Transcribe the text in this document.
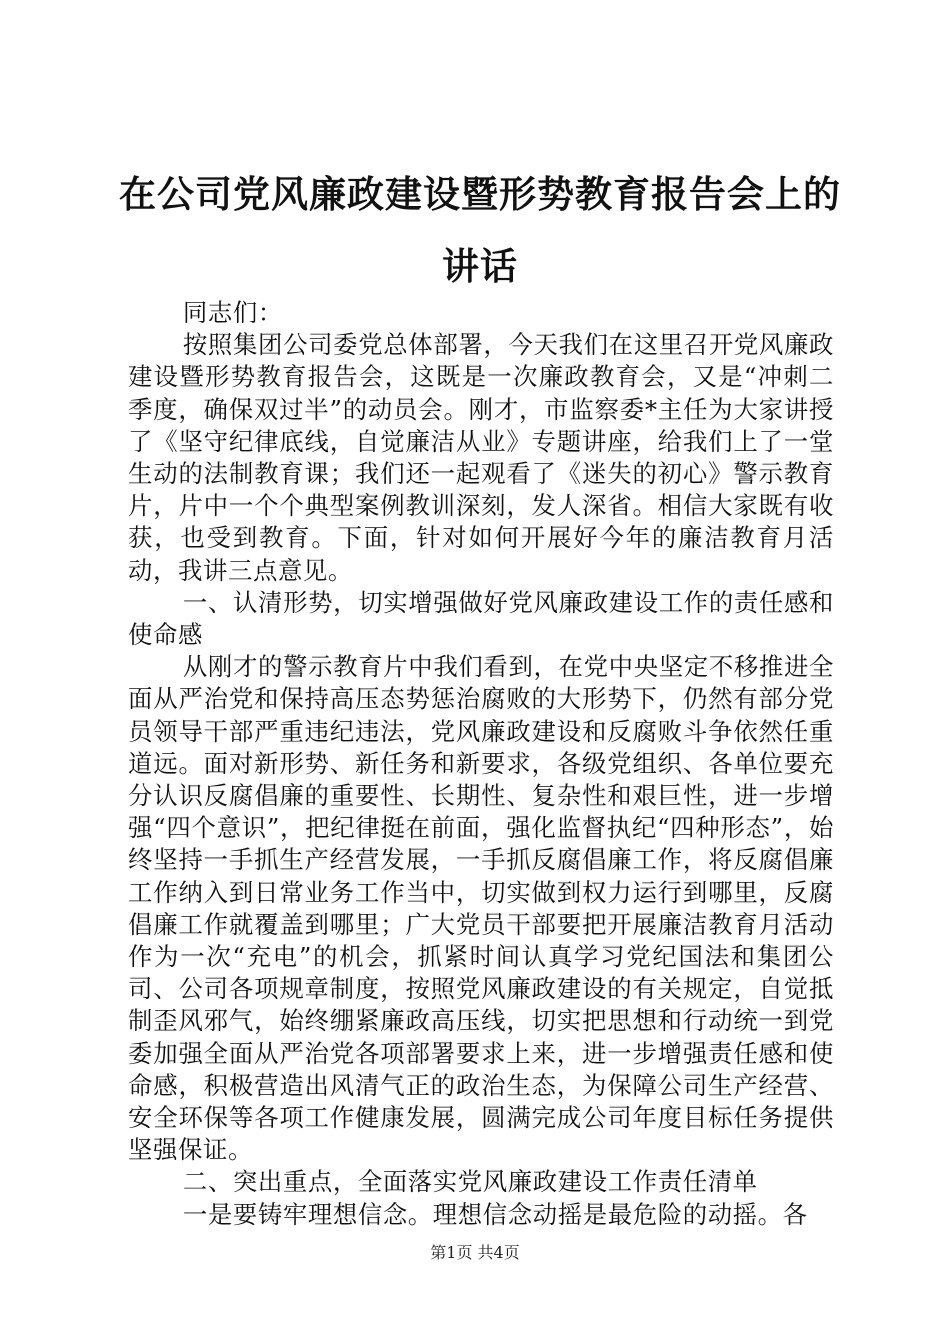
在公司党风廉政建设暨形势教育报告会上的讲话

同志们：

按照集团公司委党总体部署，今天我们在这里召开党风廉政建设暨形势教育报告会，这既是一次廉政教育会，又是“冲刺二季度，确保双过半”的动员会。刚才，市监察委*主任为大家讲授了《坚守纪律底线，自觉廉洁从业》专题讲座，给我们上了一堂生动的法制教育课；我们还一起观看了《迷失的初心》警示教育片，片中一个个典型案例教训深刻，发人深省。相信大家既有收获，也受到教育。下面，针对如何开展好今年的廉洁教育月活动，我讲三点意见。

一、认清形势，切实增强做好党风廉政建设工作的责任感和使命感

从刚才的警示教育片中我们看到，在党中央坚定不移推进全面从严治党和保持高压态势惩治腐败的大形势下，仍然有部分党员领导干部严重违纪违法，党风廉政建设和反腐败斗争依然任重道远。面对新形势、新任务和新要求，各级党组织、各单位要充分认识反腐倡廉的重要性、长期性、复杂性和艰巨性，进一步增强“四个意识”，把纪律挺在前面，强化监督执纪“四种形态”，始终坚持一手抓生产经营发展，一手抓反腐倡廉工作，将反腐倡廉工作纳入到日常业务工作当中，切实做到权力运行到哪里，反腐倡廉工作就覆盖到哪里；广大党员干部要把开展廉洁教育月活动作为一次“充电”的机会，抓紧时间认真学习党纪国法和集团公司、公司各项规章制度，按照党风廉政建设的有关规定，自觉抵制歪风邪气，始终绷紧廉政高压线，切实把思想和行动统一到党委加强全面从严治党各项部署要求上来，进一步增强责任感和使命感，积极营造出风清气正的政治生态，为保障公司生产经营、安全环保等各项工作健康发展，圆满完成公司年度目标任务提供坚强保证。

二、突出重点，全面落实党风廉政建设工作责任清单

一是要铸牢理想信念。理想信念动摇是最危险的动摇。各

第1页 共4页
